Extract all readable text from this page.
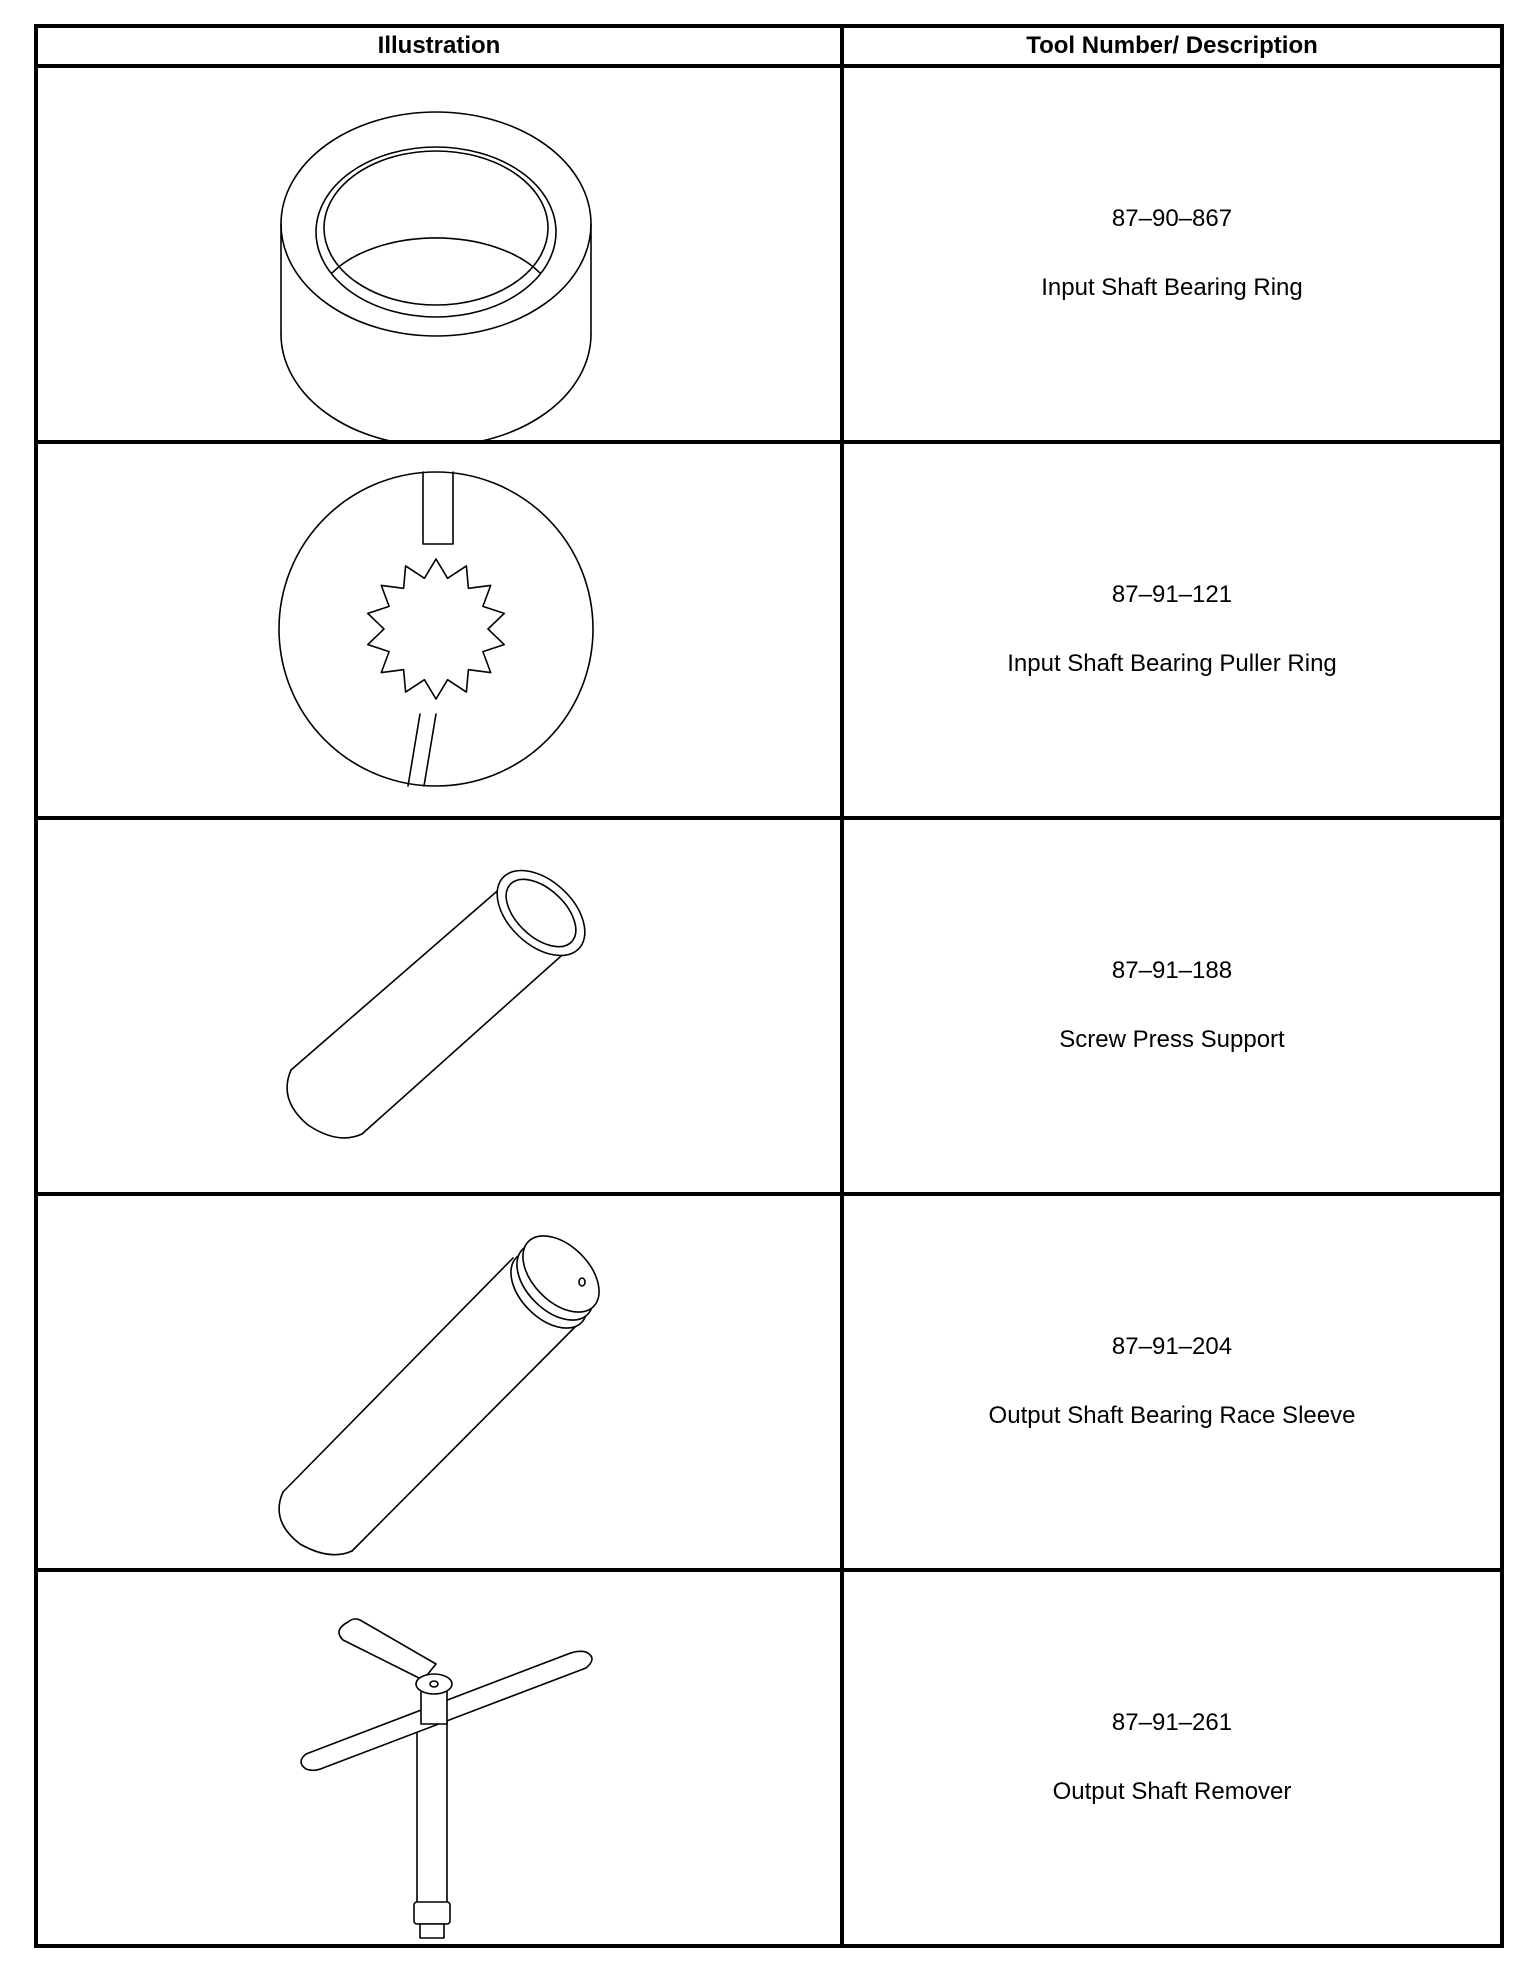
Illustration	Tool Number/ Description

87–90–867
Input Shaft Bearing Ring

87–91–121
Input Shaft Bearing Puller Ring

87–91–188
Screw Press Support

87–91–204
Output Shaft Bearing Race Sleeve

87–91–261
Output Shaft Remover
